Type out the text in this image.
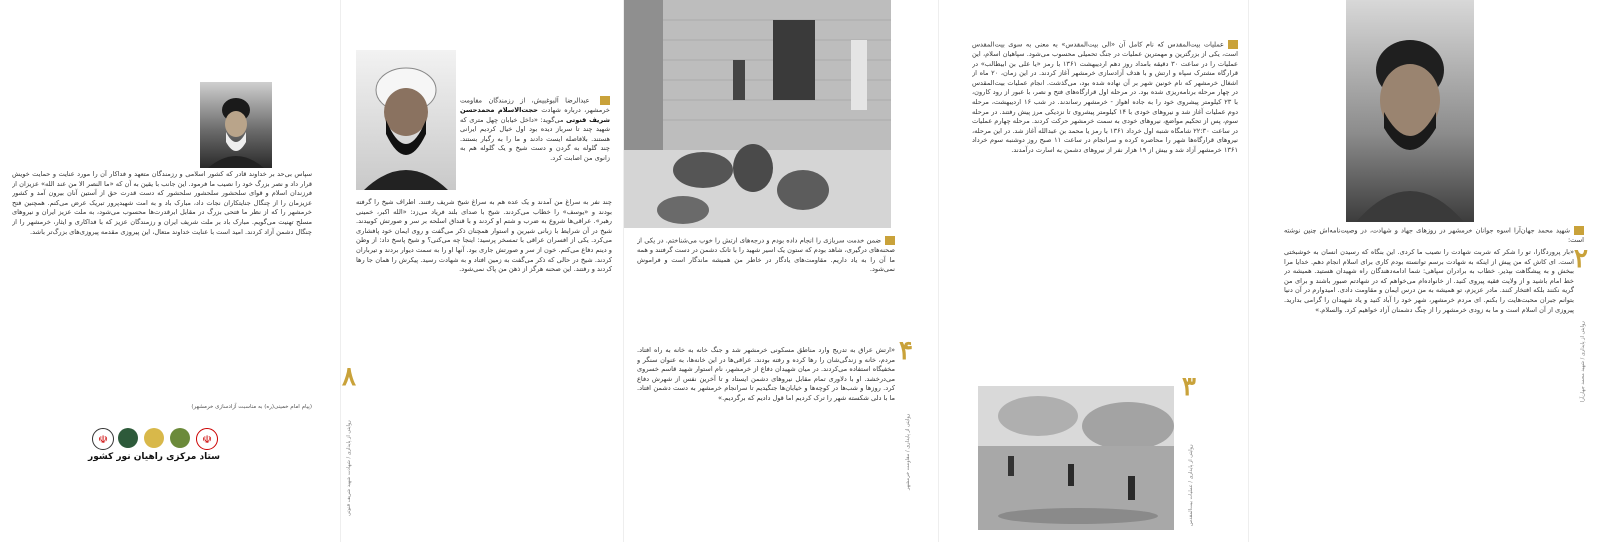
سپاس بی‌حد بر خداوند قادر که کشور اسلامی و رزمندگان متعهد و فداکار آن را مورد عنایت و حمایت خویش قرار داد و نصر بزرگ خود را نصیب ما فرمود. این جانب با یقین به آن که «ما النصر الا من عند الله» عزیزان از فرزندان اسلام و قوای سلحشور سلحشور سلحشور که دست قدرت حق از آستین آنان بیرون آمد و کشور عزیزمان را از چنگال جنایتکاران نجات داد، مبارک باد و به امت شهیدپرور تبریک عرض می‌کنم. همچنین فتح خرمشهر را که از نظر ما فتحی بزرگ در مقابل ابرقدرت‌ها محسوب می‌شود، به ملت عزیز ایران و نیروهای مسلح تهنیت می‌گویم. مبارک باد بر ملت شریف ایران و رزمندگان عزیز که با فداکاری و ایثار، خرمشهر را از چنگال دشمن آزاد کردند. امید است با عنایت خداوند متعال، این پیروزی مقدمه پیروزی‌های بزرگ‌تر باشد.
(پیام امام خمینی(ره) به مناسبت آزادسازی خرمشهر)
☫	☫
ستاد مرکزی راهیان نور کشور
عبدالرضا آلبوغبیش، از رزمندگان مقاومت خرمشهر، درباره شهادت حجت‌الاسلام محمدحسن شریف قنوتی می‌گوید: «داخل خیابان چهل متری که شهید چند تا سرباز دیده بود اول خیال کردیم ایرانی هستند. بلافاصله ایست دادند و ما را به رگبار بستند. چند گلوله به گردن و دست شیخ و یک گلوله هم به زانوی من اصابت کرد.
چند نفر به سراغ من آمدند و یک عده هم به سراغ شیخ شریف رفتند. اطراف شیخ را گرفته بودند و «یوسف» را خطاب می‌کردند. شیخ با صدای بلند فریاد می‌زد: «الله اکبر، خمینی رهبر». عراقی‌ها شروع به ضرب و شتم او کردند و با قنداق اسلحه بر سر و صورتش کوبیدند. شیخ در آن شرایط با زبانی شیرین و استوار همچنان ذکر می‌گفت و روی ایمان خود پافشاری می‌کرد. یکی از افسران عراقی با تمسخر پرسید: اینجا چه می‌کنی؟ و شیخ پاسخ داد: از وطن و دینم دفاع می‌کنم. خون از سر و صورتش جاری بود. آنها او را به سمت دیوار بردند و تیرباران کردند. شیخ در حالی که ذکر می‌گفت به زمین افتاد و به شهادت رسید. پیکرش را همان جا رها کردند و رفتند. این صحنه هرگز از ذهن من پاک نمی‌شود.
۸
روایتی از پایداری / شهادت شهید شریف قنوتی
ضمن خدمت سربازی را انجام داده بودم و درجه‌های ارتش را خوب می‌شناختم. در یکی از صحنه‌های درگیری، شاهد بودم که ستون یک اسیر شهید را با تانک دشمن در دست گرفتند و همه ما آن را به یاد داریم. مقاومت‌های یادگار در خاطر من همیشه ماندگار است و فراموش نمی‌شود.
«ارتش عراق به تدریج وارد مناطق مسکونی خرمشهر شد و جنگ خانه به خانه به راه افتاد. مردم، خانه و زندگی‌شان را رها کرده و رفته بودند. عراقی‌ها در این خانه‌ها، به عنوان سنگر و مخفیگاه استفاده می‌کردند. در میان شهیدان دفاع از خرمشهر، نام استوار شهید قاسم خسروی می‌درخشد. او با دلاوری تمام مقابل نیروهای دشمن ایستاد و تا آخرین نفس از شهرش دفاع کرد. روزها و شب‌ها در کوچه‌ها و خیابان‌ها جنگیدیم تا سرانجام خرمشهر به دست دشمن افتاد. ما با دلی شکسته شهر را ترک کردیم اما قول دادیم که برگردیم.»
۴
روایتی از پایداری / مقاومت خرمشهر
عملیات بیت‌المقدس که نام کامل آن «الی بیت‌المقدس» به معنی به سوی بیت‌المقدس است، یکی از بزرگترین و مهمترین عملیات در جنگ تحمیلی محسوب می‌شود. سپاهیان اسلام، این عملیات را در ساعت ۳۰ دقیقه بامداد روز دهم اردیبهشت ۱۳۶۱ با رمز «یا علی بن ابیطالب» در قرارگاه مشترک سپاه و ارتش و با هدف آزادسازی خرمشهر آغاز کردند. در این زمان، ۲۰ ماه از اشغال خرمشهر که نام خونین شهر بر آن نهاده شده بود، می‌گذشت. انجام عملیات بیت‌المقدس در چهار مرحله برنامه‌ریزی شده بود. در مرحله اول قرارگاه‌های فتح و نصر، با عبور از رود کارون، با ۲۳ کیلومتر پیشروی خود را به جاده اهواز - خرمشهر رساندند. در شب ۱۶ اردیبهشت، مرحله دوم عملیات آغاز شد و نیروهای خودی با ۱۴ کیلومتر پیشروی تا نزدیکی مرز پیش رفتند. در مرحله سوم، پس از تحکیم مواضع، نیروهای خودی به سمت خرمشهر حرکت کردند. مرحله چهارم عملیات در ساعت ۲۲:۳۰ شامگاه شنبه اول خرداد ۱۳۶۱ با رمز یا محمد بن عبدالله آغاز شد. در این مرحله، نیروهای قرارگاه‌ها شهر را محاصره کرده و سرانجام در ساعت ۱۱ صبح روز دوشنبه سوم خرداد ۱۳۶۱ خرمشهر آزاد شد و بیش از ۱۹ هزار نفر از نیروهای دشمن به اسارت درآمدند.
۳
روایتی از پایداری / عملیات بیت‌المقدس
شهید محمد جهان‌آرا اسوه جوانان خرمشهر در روزهای جهاد و شهادت، در وصیت‌نامه‌اش چنین نوشته است:
«بار پروردگارا، تو را شکر که شربت شهادت را نصیب ما کردی. این بنگاه که رسیدن انسان به خوشبختی است. ای کاش که من پیش از اینکه به شهادت برسم توانسته بودم کاری برای اسلام انجام دهم. خدایا مرا ببخش و به پیشگاهت بپذیر. خطاب به برادران سپاهی: شما ادامه‌دهندگان راه شهیدان هستید. همیشه در خط امام باشید و از ولایت فقیه پیروی کنید. از خانواده‌ام می‌خواهم که در شهادتم صبور باشند و برای من گریه نکنند بلکه افتخار کنند. مادر عزیزم، تو همیشه به من درس ایمان و مقاومت دادی. امیدوارم در آن دنیا بتوانم جبران محبت‌هایت را بکنم. ای مردم خرمشهر، شهر خود را آباد کنید و یاد شهیدان را گرامی بدارید. پیروزی از آن اسلام است و ما به زودی خرمشهر را از چنگ دشمنان آزاد خواهیم کرد. والسلام.»
۲
روایتی از پایداری / شهید محمد جهان‌آرا
